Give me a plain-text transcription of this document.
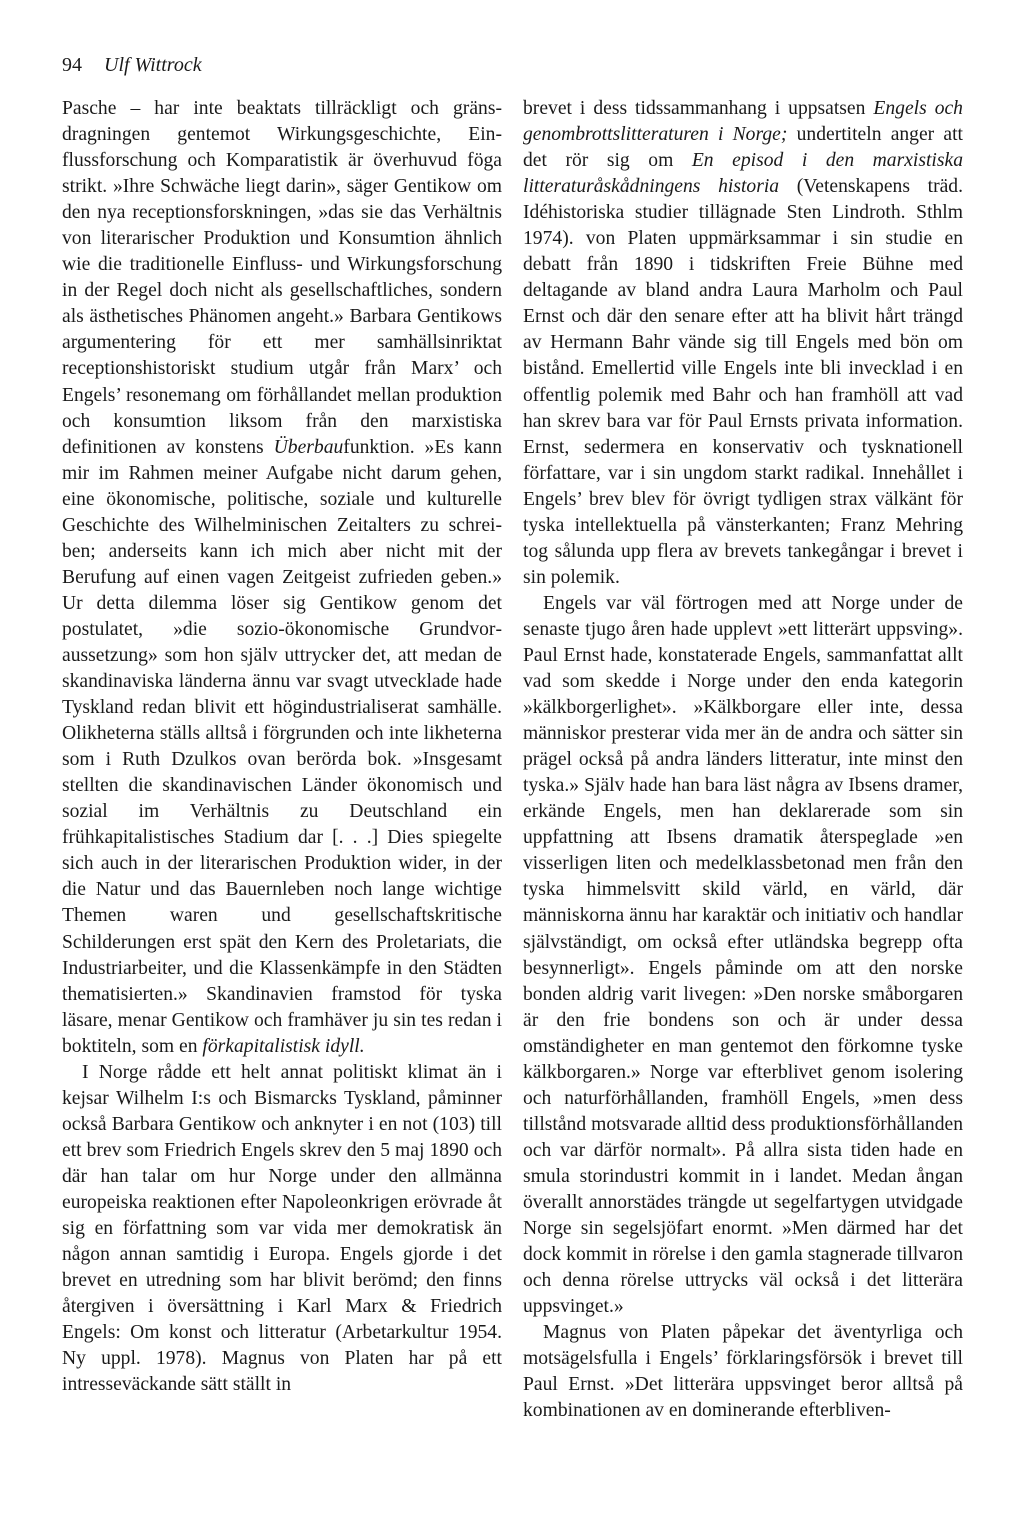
94 Ulf Wittrock

Pasche – har inte beaktats tillräckligt och gränsdragningen gentemot Wirkungsgeschichte, Einflussforschung och Komparatistik är överhuvud föga strikt. »Ihre Schwäche liegt darin», säger Gentikow om den nya receptionsforskningen, »das sie das Verhältnis von literarischer Produktion und Konsumtion ähnlich wie die traditionelle Einfluss- und Wirkungsforschung in der Regel doch nicht als gesellschaftliches, sondern als ästhetisches Phänomen angeht.» Barbara Gentikows argumentering för ett mer samhällsinriktat receptionshistoriskt studium utgår från Marx’ och Engels’ resonemang om förhållandet mellan produktion och konsumtion liksom från den marxistiska definitionen av konstens Überbaufunktion. »Es kann mir im Rahmen meiner Aufgabe nicht darum gehen, eine ökonomische, politische, soziale und kulturelle Geschichte des Wilhelminischen Zeitalters zu schreiben; anderseits kann ich mich aber nicht mit der Berufung auf einen vagen Zeitgeist zufrieden geben.» Ur detta dilemma löser sig Gentikow genom det postulatet, »die sozio-ökonomische Grundvoraussetzung» som hon själv uttrycker det, att medan de skandinaviska länderna ännu var svagt utvecklade hade Tyskland redan blivit ett högindustrialiserat samhälle. Olikheterna ställs alltså i förgrunden och inte likheterna som i Ruth Dzulkos ovan berörda bok. »Insgesamt stellten die skandinavischen Länder ökonomisch und sozial im Verhältnis zu Deutschland ein frühkapitalistisches Stadium dar [. . .] Dies spiegelte sich auch in der literarischen Produktion wider, in der die Natur und das Bauernleben noch lange wichtige Themen waren und gesellschaftskritische Schilderungen erst spät den Kern des Proletariats, die Industriarbeiter, und die Klassenkämpfe in den Städten thematisierten.» Skandinavien framstod för tyska läsare, menar Gentikow och framhäver ju sin tes redan i boktiteln, som en förkapitalistisk idyll.

I Norge rådde ett helt annat politiskt klimat än i kejsar Wilhelm I:s och Bismarcks Tyskland, påminner också Barbara Gentikow och anknyter i en not (103) till ett brev som Friedrich Engels skrev den 5 maj 1890 och där han talar om hur Norge under den allmänna europeiska reaktionen efter Napoleonkrigen erövrade åt sig en författning som var vida mer demokratisk än någon annan samtidig i Europa. Engels gjorde i det brevet en utredning som har blivit berömd; den finns återgiven i översättning i Karl Marx & Friedrich Engels: Om konst och litteratur (Arbetarkultur 1954. Ny uppl. 1978). Magnus von Platen har på ett intresseväckande sätt ställt in

brevet i dess tidssammanhang i uppsatsen Engels och genombrottslitteraturen i Norge; undertiteln anger att det rör sig om En episod i den marxistiska litteraturåskådningens historia (Vetenskapens träd. Idéhistoriska studier tillägnade Sten Lindroth. Sthlm 1974). von Platen uppmärksammar i sin studie en debatt från 1890 i tidskriften Freie Bühne med deltagande av bland andra Laura Marholm och Paul Ernst och där den senare efter att ha blivit hårt trängd av Hermann Bahr vände sig till Engels med bön om bistånd. Emellertid ville Engels inte bli invecklad i en offentlig polemik med Bahr och han framhöll att vad han skrev bara var för Paul Ernsts privata information. Ernst, sedermera en konservativ och tysknationell författare, var i sin ungdom starkt radikal. Innehållet i Engels’ brev blev för övrigt tydligen strax välkänt för tyska intellektuella på vänsterkanten; Franz Mehring tog sålunda upp flera av brevets tankegångar i brevet i sin polemik.

Engels var väl förtrogen med att Norge under de senaste tjugo åren hade upplevt »ett litterärt uppsving». Paul Ernst hade, konstaterade Engels, sammanfattat allt vad som skedde i Norge under den enda kategorin »kälkborgerlighet». »Kälkborgare eller inte, dessa människor presterar vida mer än de andra och sätter sin prägel också på andra länders litteratur, inte minst den tyska.» Själv hade han bara läst några av Ibsens dramer, erkände Engels, men han deklarerade som sin uppfattning att Ibsens dramatik återspeglade »en visserligen liten och medelklassbetonad men från den tyska himmelsvitt skild värld, en värld, där människorna ännu har karaktär och initiativ och handlar självständigt, om också efter utländska begrepp ofta besynnerligt». Engels påminde om att den norske bonden aldrig varit livegen: »Den norske småborgaren är den frie bondens son och är under dessa omständigheter en man gentemot den förkomne tyske kälkborgaren.» Norge var efterblivet genom isolering och naturförhållanden, framhöll Engels, »men dess tillstånd motsvarade alltid dess produktionsförhållanden och var därför normalt». På allra sista tiden hade en smula storindustri kommit in i landet. Medan ångan överallt annorstädes trängde ut segelfartygen utvidgade Norge sin segelsjöfart enormt. »Men därmed har det dock kommit in rörelse i den gamla stagnerade tillvaron och denna rörelse uttrycks väl också i det litterära uppsvinget.»

Magnus von Platen påpekar det äventyrliga och motsägelsfulla i Engels’ förklaringsförsök i brevet till Paul Ernst. »Det litterära uppsvinget beror alltså på kombinationen av en dominerande efterbliven-
